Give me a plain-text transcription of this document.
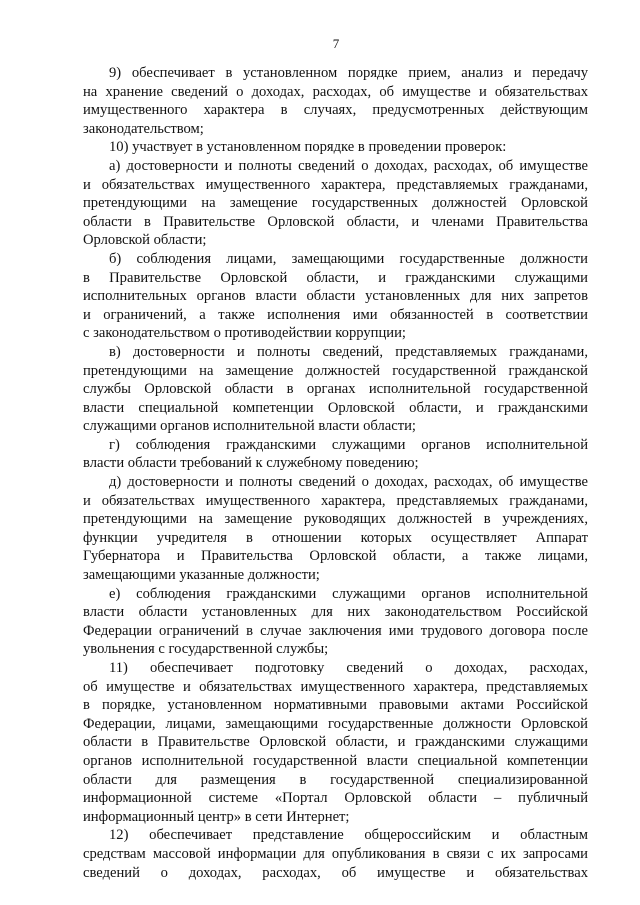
7
9) обеспечивает в установленном порядке прием, анализ и передачу
на хранение сведений о доходах, расходах, об имуществе и обязательствах
имущественного характера в случаях, предусмотренных действующим
законодательством;
10) участвует в установленном порядке в проведении проверок:
а) достоверности и полноты сведений о доходах, расходах, об имуществе
и обязательствах имущественного характера, представляемых гражданами,
претендующими на замещение государственных должностей Орловской
области в Правительстве Орловской области, и членами Правительства
Орловской области;
б) соблюдения лицами, замещающими государственные должности
в Правительстве Орловской области, и гражданскими служащими
исполнительных органов власти области установленных для них запретов
и ограничений, а также исполнения ими обязанностей в соответствии
с законодательством о противодействии коррупции;
в) достоверности и полноты сведений, представляемых гражданами,
претендующими на замещение должностей государственной гражданской
службы Орловской области в органах исполнительной государственной
власти специальной компетенции Орловской области, и гражданскими
служащими органов исполнительной власти области;
г) соблюдения гражданскими служащими органов исполнительной
власти области требований к служебному поведению;
д) достоверности и полноты сведений о доходах, расходах, об имуществе
и обязательствах имущественного характера, представляемых гражданами,
претендующими на замещение руководящих должностей в учреждениях,
функции учредителя в отношении которых осуществляет Аппарат
Губернатора и Правительства Орловской области, а также лицами,
замещающими указанные должности;
е) соблюдения гражданскими служащими органов исполнительной
власти области установленных для них законодательством Российской
Федерации ограничений в случае заключения ими трудового договора после
увольнения с государственной службы;
11) обеспечивает подготовку сведений о доходах, расходах,
об имуществе и обязательствах имущественного характера, представляемых
в порядке, установленном нормативными правовыми актами Российской
Федерации, лицами, замещающими государственные должности Орловской
области в Правительстве Орловской области, и гражданскими служащими
органов исполнительной государственной власти специальной компетенции
области для размещения в государственной специализированной
информационной системе «Портал Орловской области – публичный
информационный центр» в сети Интернет;
12) обеспечивает представление общероссийским и областным
средствам массовой информации для опубликования в связи с их запросами
сведений о доходах, расходах, об имуществе и обязательствах
